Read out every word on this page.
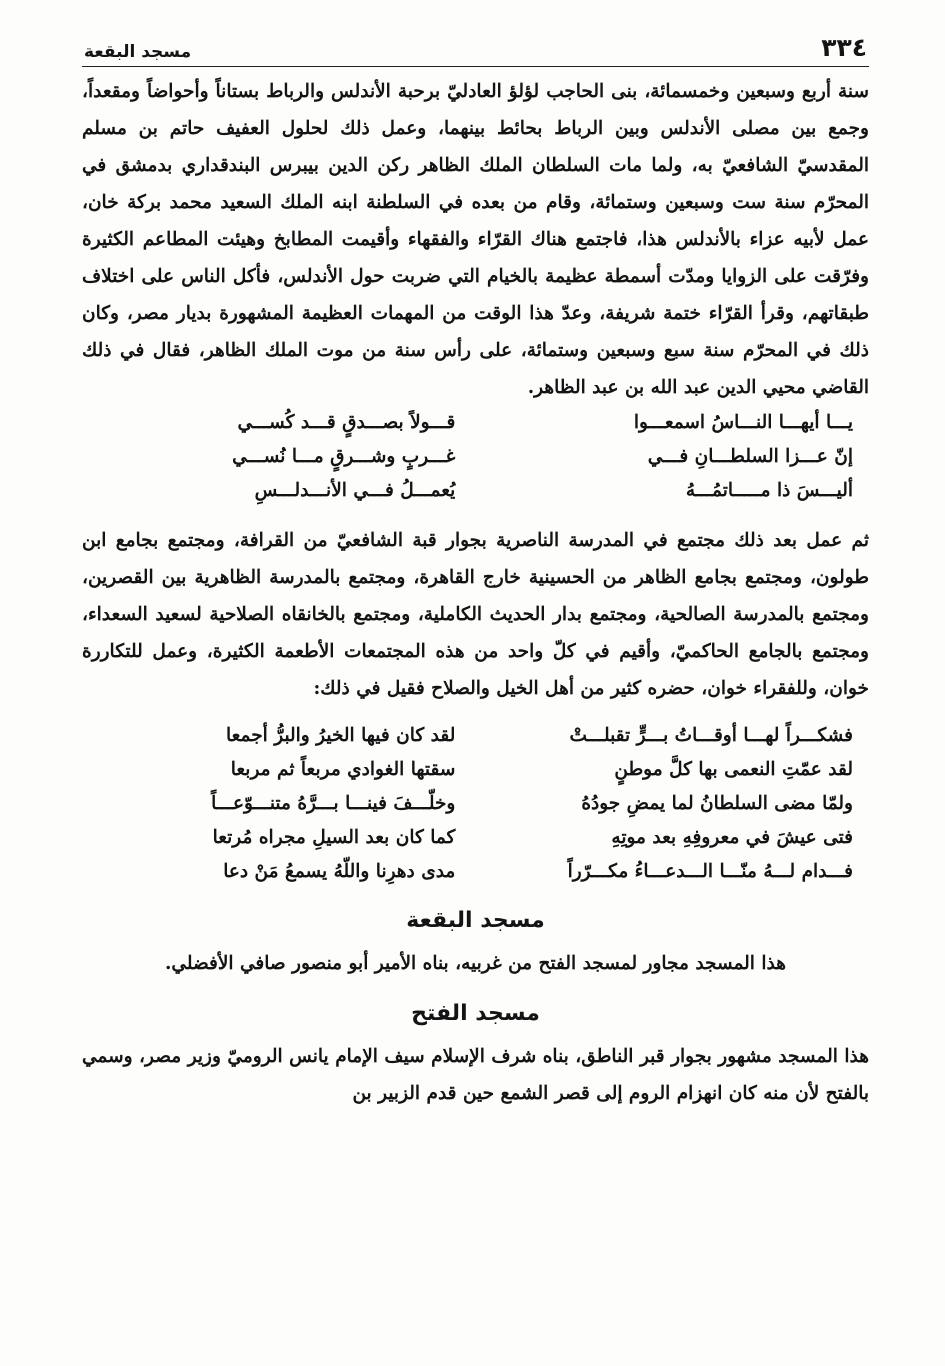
٣٣٤
مسجد البقعة

سنة أربع وسبعين وخمسمائة، بنى الحاجب لؤلؤ العادليّ برحبة الأندلس والرباط بستاناً وأحواضاً ومقعداً، وجمع بين مصلى الأندلس وبين الرباط بحائط بينهما، وعمل ذلك لحلول العفيف حاتم بن مسلم المقدسيّ الشافعيّ به، ولما مات السلطان الملك الظاهر ركن الدين بيبرس البندقداري بدمشق في المحرّم سنة ست وسبعين وستمائة، وقام من بعده في السلطنة ابنه الملك السعيد محمد بركة خان، عمل لأبيه عزاء بالأندلس هذا، فاجتمع هناك القرّاء والفقهاء وأقيمت المطابخ وهيئت المطاعم الكثيرة وفرّقت على الزوايا ومدّت أسمطة عظيمة بالخيام التي ضربت حول الأندلس، فأكل الناس على اختلاف طبقاتهم، وقرأ القرّاء ختمة شريفة، وعدّ هذا الوقت من المهمات العظيمة المشهورة بديار مصر، وكان ذلك في المحرّم سنة سبع وسبعين وستمائة، على رأس سنة من موت الملك الظاهر، فقال في ذلك القاضي محيي الدين عبد الله بن عبد الظاهر.

يـــا أيهـــا النـــاسُ اسمعـــوا
قـــولاً بصـــدقٍ قـــد كُســـي
إنّ عـــزا السلطـــانِ فـــي
غـــربٍ وشـــرقٍ مـــا نُســـي
أليـــسَ ذا مـــــاتمُـــهُ
يُعمـــلُ فـــي الأنـــدلـــسِ

ثم عمل بعد ذلك مجتمع في المدرسة الناصرية بجوار قبة الشافعيّ من القرافة، ومجتمع بجامع ابن طولون، ومجتمع بجامع الظاهر من الحسينية خارج القاهرة، ومجتمع بالمدرسة الظاهرية بين القصرين، ومجتمع بالمدرسة الصالحية، ومجتمع بدار الحديث الكاملية، ومجتمع بالخانقاه الصلاحية لسعيد السعداء، ومجتمع بالجامع الحاكميّ، وأقيم في كلّ واحد من هذه المجتمعات الأطعمة الكثيرة، وعمل للتكاررة خوان، وللفقراء خوان، حضره كثير من أهل الخيل والصلاح فقيل في ذلك:

فشكـــراً لهـــا أوقـــاتُ بـــرٍّ تقبلـــتْ
لقد كان فيها الخيرُ والبرُّ أجمعا
لقد عمّتِ النعمى بها كلَّ موطنٍ
سقتها الغوادي مربعاً ثم مربعا
ولمّا مضى السلطانُ لما يمضِ جودُهُ
وخلّـــفَ فينـــا بـــرَّهُ متنـــوّعـــاً
فتى عيشَ في معروفِهِ بعد موتِهِ
كما كان بعد السيلِ مجراه مُرتعا
فـــدام لـــهُ منّـــا الـــدعـــاءُ مكـــرّراً
مدى دهرِنا واللّهُ يسمعُ مَنْ دعا
مسجد البقعة

هذا المسجد مجاور لمسجد الفتح من غربيه، بناه الأمير أبو منصور صافي الأفضلي.

مسجد الفتح

هذا المسجد مشهور بجوار قبر الناطق، بناه شرف الإسلام سيف الإمام يانس الروميّ وزير مصر، وسمي بالفتح لأن منه كان انهزام الروم إلى قصر الشمع حين قدم الزبير بن
